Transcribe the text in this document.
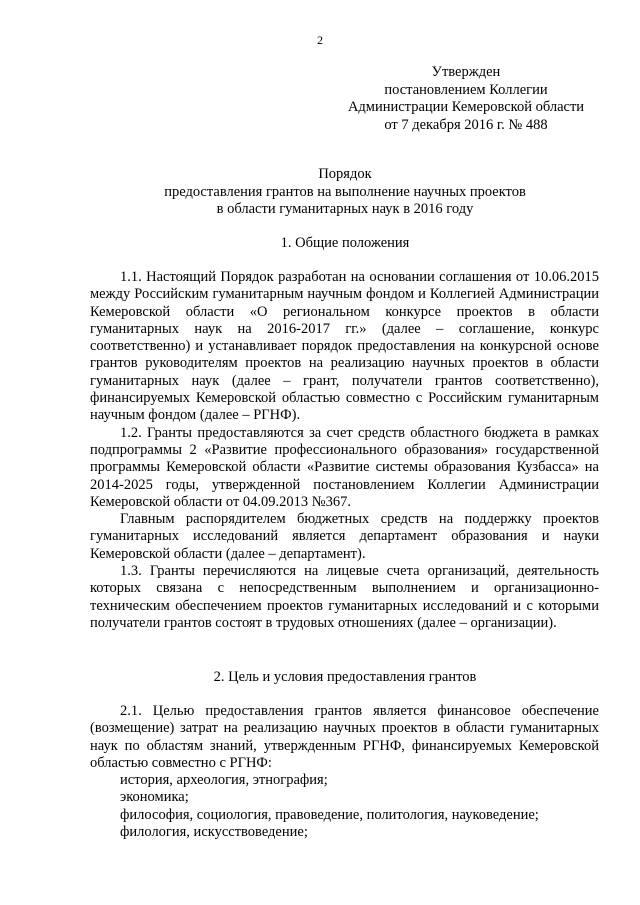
2
Утвержден
постановлением Коллегии
Администрации Кемеровской области
от 7 декабря 2016 г. № 488
Порядок
предоставления грантов на выполнение научных проектов
в области гуманитарных наук в 2016 году
1. Общие положения

1.1. Настоящий Порядок разработан на основании соглашения от 10.06.2015 между Российским гуманитарным научным фондом и Коллегией Администрации Кемеровской области «О региональном конкурсе проектов в области гуманитарных наук на 2016-2017 гг.» (далее – соглашение, конкурс соответственно) и устанавливает порядок предоставления на конкурсной основе грантов руководителям проектов на реализацию научных проектов в области гуманитарных наук (далее – грант, получатели грантов соответственно), финансируемых Кемеровской областью совместно с Российским гуманитарным научным фондом (далее – РГНФ).

1.2. Гранты предоставляются за счет средств областного бюджета в рамках подпрограммы 2 «Развитие профессионального образования» государственной программы Кемеровской области «Развитие системы образования Кузбасса» на 2014-2025 годы, утвержденной постановлением Коллегии Администрации Кемеровской области от 04.09.2013 №367.

Главным распорядителем бюджетных средств на поддержку проектов гуманитарных исследований является департамент образования и науки Кемеровской области (далее – департамент).

1.3. Гранты перечисляются на лицевые счета организаций, деятельность которых связана с непосредственным выполнением и организационно-техническим обеспечением проектов гуманитарных исследований и с которыми получатели грантов состоят в трудовых отношениях (далее – организации).

2. Цель и условия предоставления грантов

2.1. Целью предоставления грантов является финансовое обеспечение (возмещение) затрат на реализацию научных проектов в области гуманитарных наук по областям знаний, утвержденным РГНФ, финансируемых Кемеровской областью совместно с РГНФ:

история, археология, этнография;

экономика;

философия, социология, правоведение, политология, науковедение;

филология, искусствоведение;
